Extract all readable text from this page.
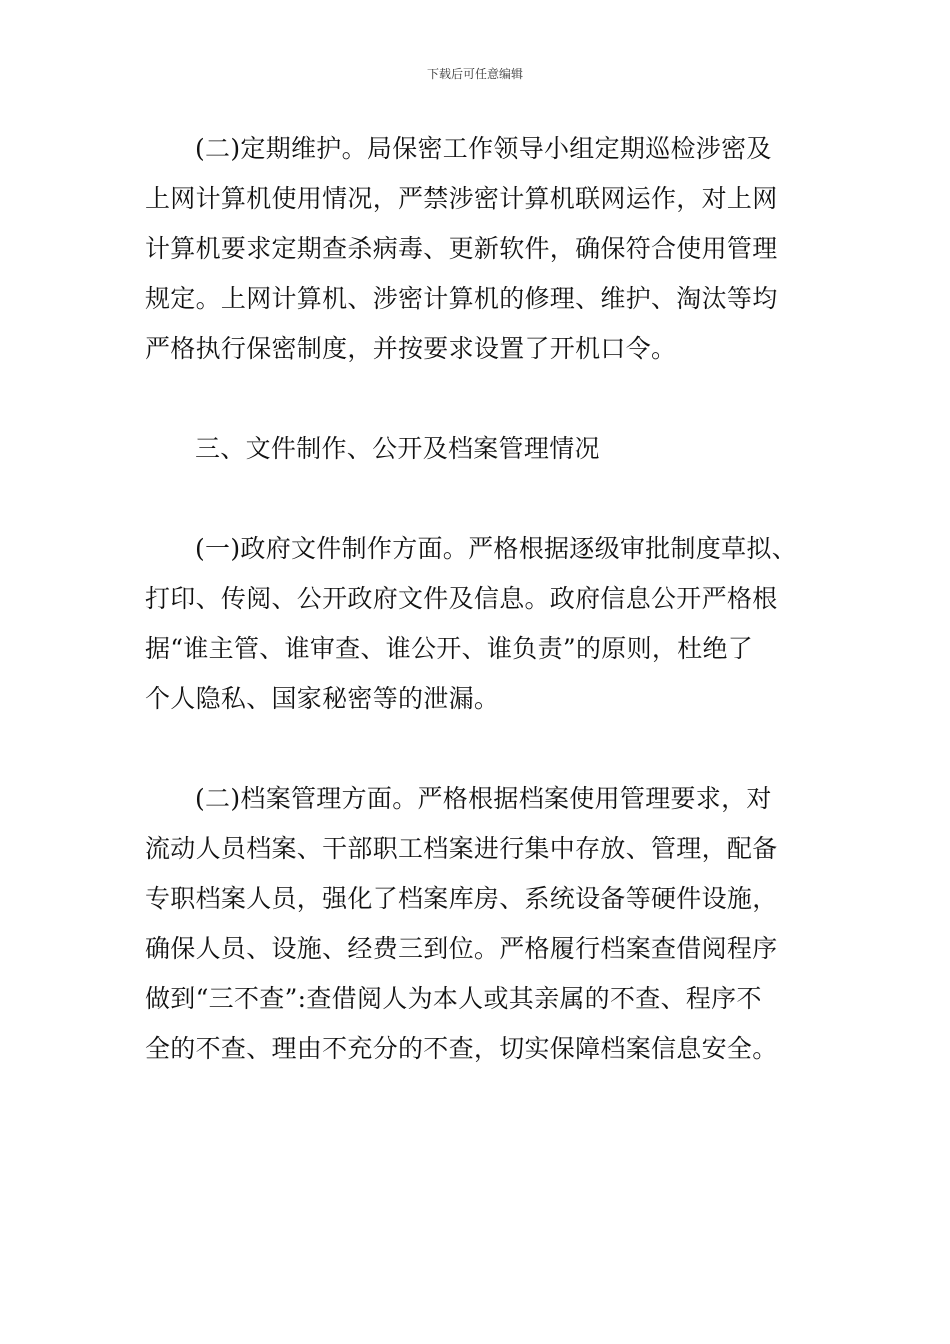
下载后可任意编辑
(二)定期维护。局保密工作领导小组定期巡检涉密及
上网计算机使用情况，严禁涉密计算机联网运作，对上网
计算机要求定期查杀病毒、更新软件，确保符合使用管理
规定。上网计算机、涉密计算机的修理、维护、淘汰等均
严格执行保密制度，并按要求设置了开机口令。
三、文件制作、公开及档案管理情况
(一)政府文件制作方面。严格根据逐级审批制度草拟、
打印、传阅、公开政府文件及信息。政府信息公开严格根
据“谁主管、谁审查、谁公开、谁负责”的原则，杜绝了
个人隐私、国家秘密等的泄漏。
(二)档案管理方面。严格根据档案使用管理要求，对
流动人员档案、干部职工档案进行集中存放、管理，配备
专职档案人员，强化了档案库房、系统设备等硬件设施，
确保人员、设施、经费三到位。严格履行档案查借阅程序
做到“三不查”:查借阅人为本人或其亲属的不查、程序不
全的不查、理由不充分的不查，切实保障档案信息安全。
